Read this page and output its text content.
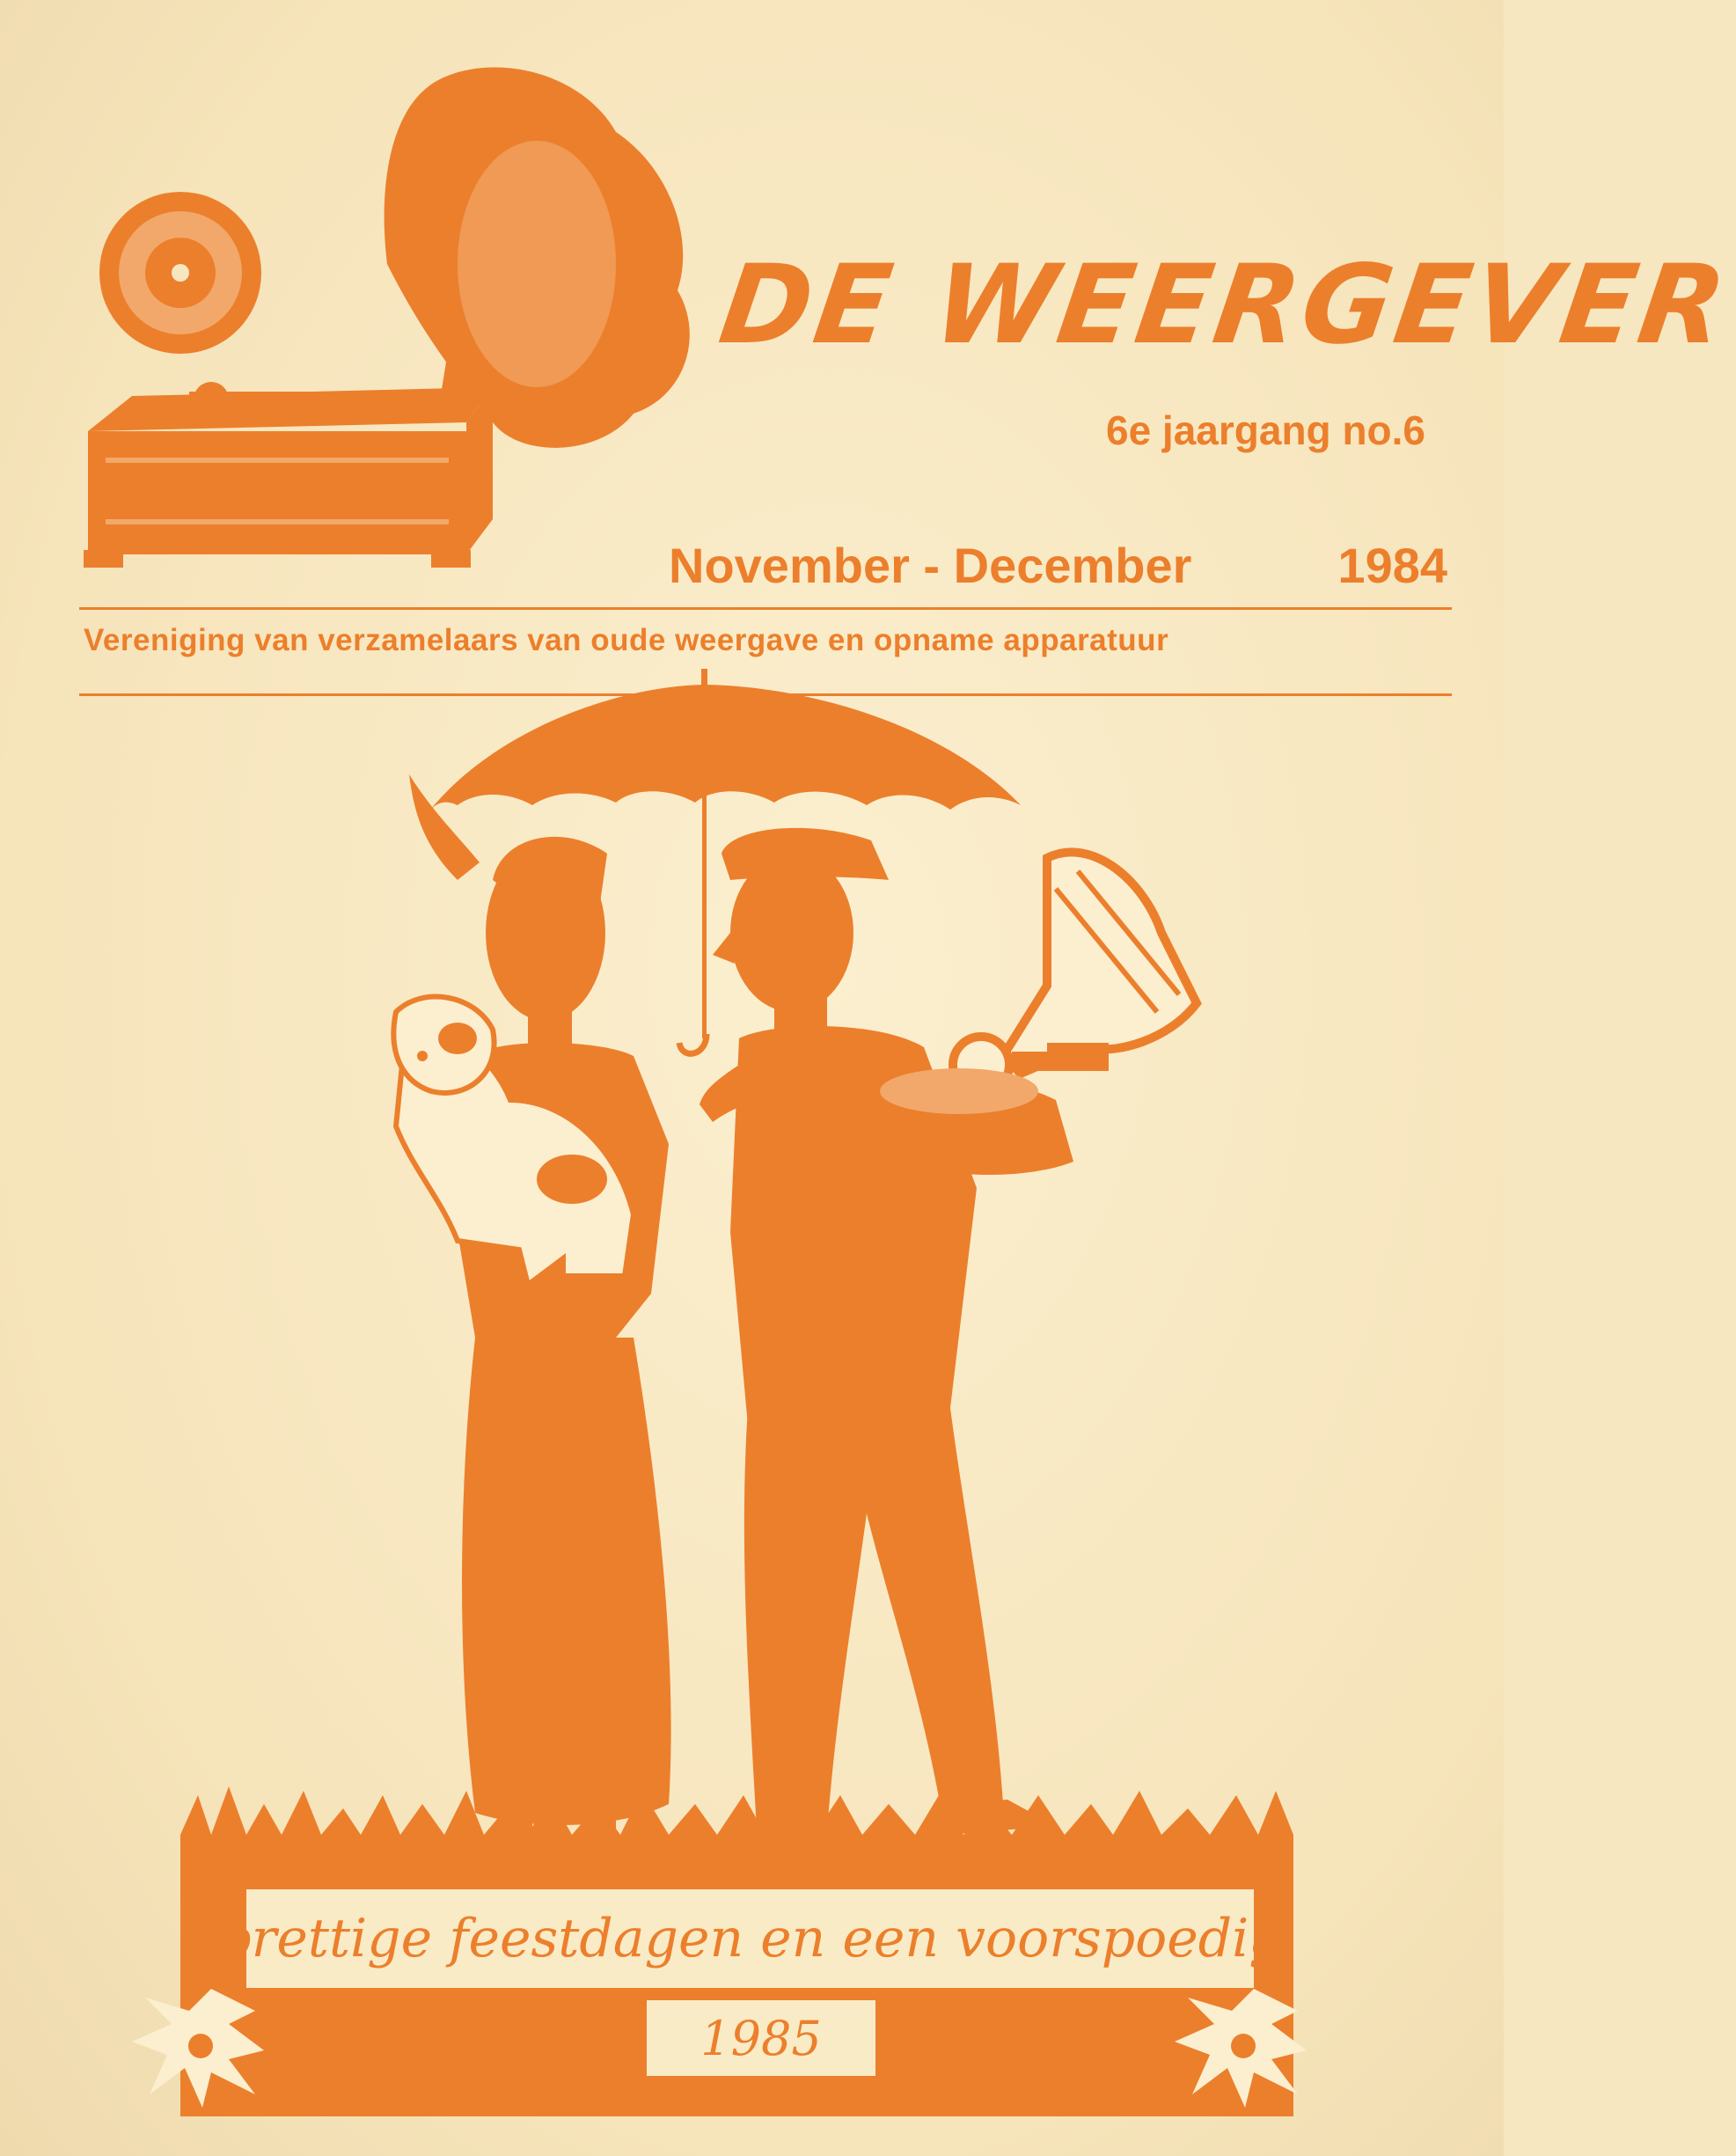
DE WEERGEVER
6e jaargang no.6
November - December	1984
Vereniging van verzamelaars van oude weergave en opname apparatuur
prettige feestdagen en een voorspoedig
1985
